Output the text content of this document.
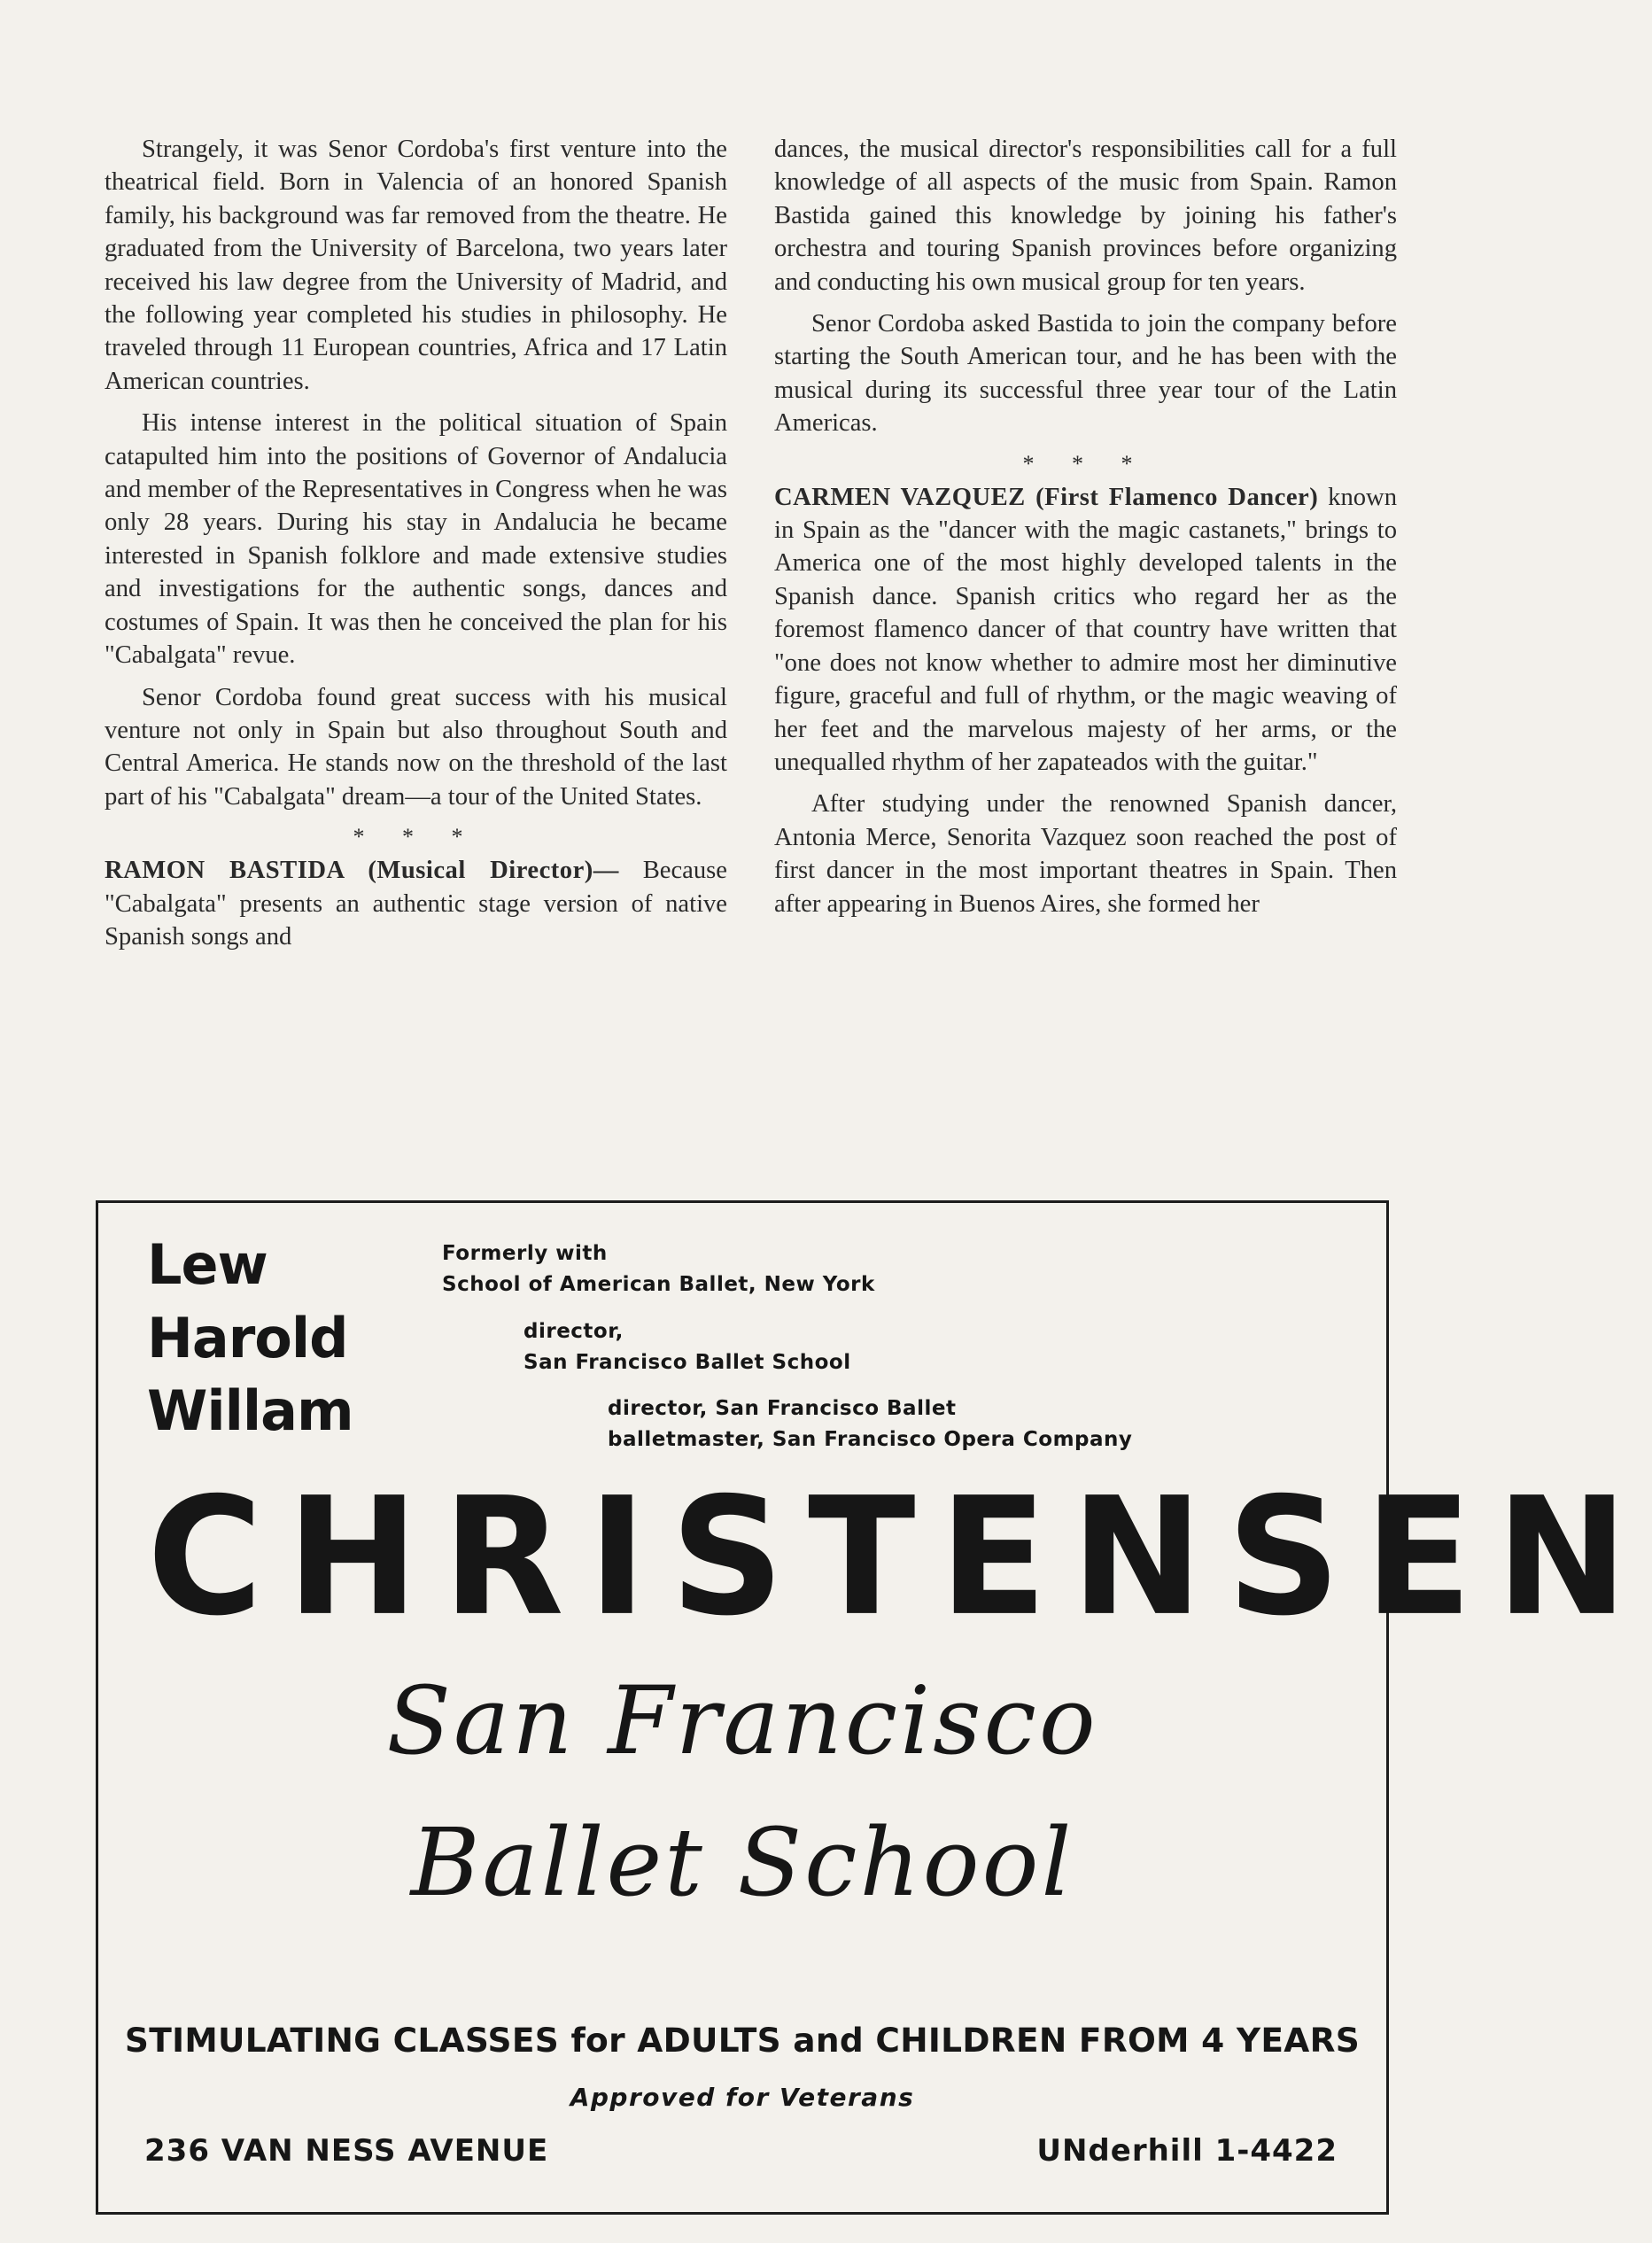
Strangely, it was Senor Cordoba's first venture into the theatrical field. Born in Valencia of an honored Spanish family, his background was far removed from the theatre. He graduated from the University of Barcelona, two years later received his law degree from the University of Madrid, and the following year completed his studies in philosophy. He traveled through 11 European countries, Africa and 17 Latin American countries.

His intense interest in the political situation of Spain catapulted him into the positions of Governor of Andalucia and member of the Representatives in Congress when he was only 28 years. During his stay in Andalucia he became interested in Spanish folklore and made extensive studies and investigations for the authentic songs, dances and costumes of Spain. It was then he conceived the plan for his "Cabalgata" revue.

Senor Cordoba found great success with his musical venture not only in Spain but also throughout South and Central America. He stands now on the threshold of the last part of his "Cabalgata" dream—a tour of the United States.

* * *

RAMON BASTIDA (Musical Director)— Because "Cabalgata" presents an authentic stage version of native Spanish songs and

dances, the musical director's responsibilities call for a full knowledge of all aspects of the music from Spain. Ramon Bastida gained this knowledge by joining his father's orchestra and touring Spanish provinces before organizing and conducting his own musical group for ten years.

Senor Cordoba asked Bastida to join the company before starting the South American tour, and he has been with the musical during its successful three year tour of the Latin Americas.

* * *

CARMEN VAZQUEZ (First Flamenco Dancer) known in Spain as the "dancer with the magic castanets," brings to America one of the most highly developed talents in the Spanish dance. Spanish critics who regard her as the foremost flamenco dancer of that country have written that "one does not know whether to admire most her diminutive figure, graceful and full of rhythm, or the magic weaving of her feet and the marvelous majesty of her arms, or the unequalled rhythm of her zapateados with the guitar."

After studying under the renowned Spanish dancer, Antonia Merce, Senorita Vazquez soon reached the post of first dancer in the most important theatres in Spain. Then after appearing in Buenos Aires, she formed her

Lew
Harold
Willam
Formerly with
School of American Ballet, New York
director,
San Francisco Ballet School
director, San Francisco Ballet
balletmaster, San Francisco Opera Company
CHRISTENSEN
San Francisco
Ballet School
STIMULATING CLASSES for ADULTS and CHILDREN FROM 4 YEARS
Approved for Veterans
236 VAN NESS AVENUE	UNderhill 1-4422
